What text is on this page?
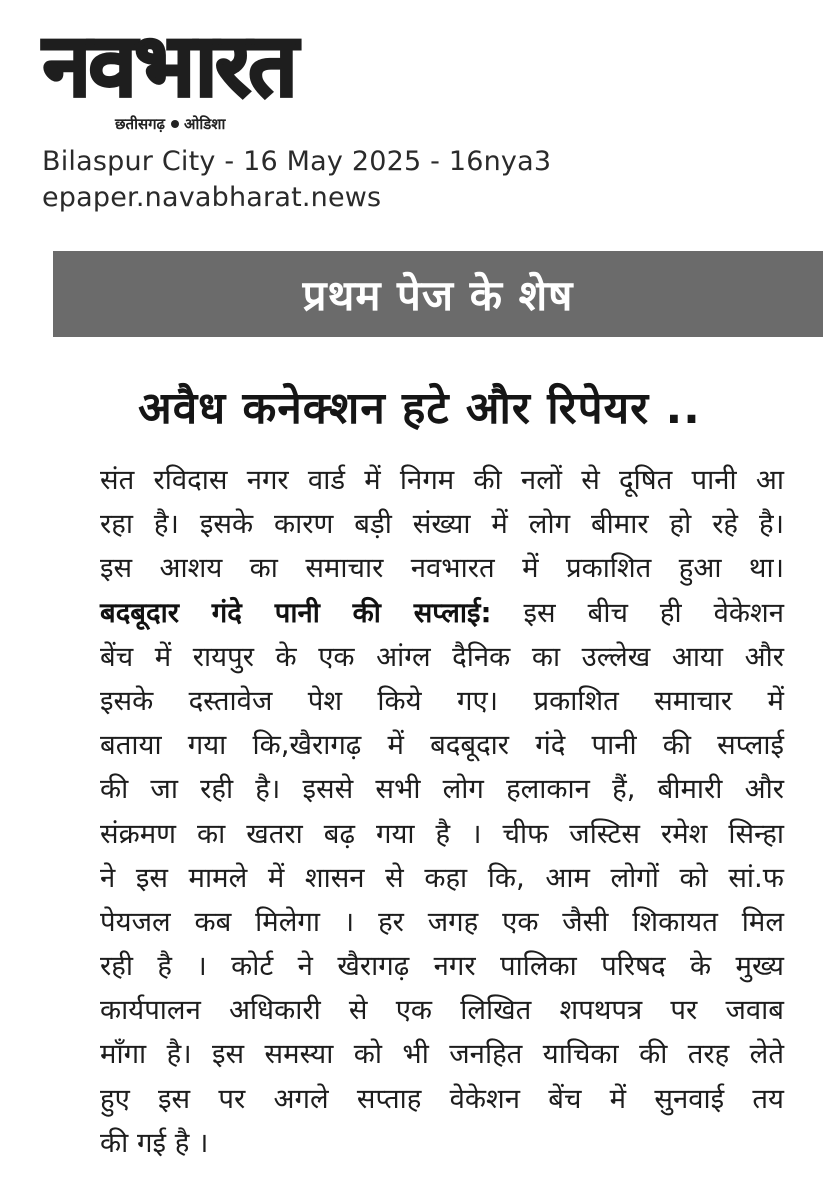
नवभारत
छतीसगढ़ ओडिशा
Bilaspur City - 16 May 2025 - 16nya3
epaper.navabharat.news
प्रथम पेज के शेष
अवैध कनेक्शन हटे और रिपेयर ..
संत रविदास नगर वार्ड में निगम की नलों से दूषित पानी आ
रहा है। इसके कारण बड़ी संख्या में लोग बीमार हो रहे है।
इस आशय का समाचार नवभारत में प्रकाशित हुआ था।
बदबूदार गंदे पानी की सप्लाई: इस बीच ही वेकेशन
बेंच में रायपुर के एक आंग्ल दैनिक का उल्लेख आया और
इसके दस्तावेज पेश किये गए। प्रकाशित समाचार में
बताया गया कि,खैरागढ़ में बदबूदार गंदे पानी की सप्लाई
की जा रही है। इससे सभी लोग हलाकान हैं, बीमारी और
संक्रमण का खतरा बढ़ गया है । चीफ जस्टिस रमेश सिन्हा
ने इस मामले में शासन से कहा कि, आम लोगों को सां.फ
पेयजल कब मिलेगा । हर जगह एक जैसी शिकायत मिल
रही है । कोर्ट ने खैरागढ़ नगर पालिका परिषद के मुख्य
कार्यपालन अधिकारी से एक लिखित शपथपत्र पर जवाब
माँगा है। इस समस्या को भी जनहित याचिका की तरह लेते
हुए इस पर अगले सप्ताह वेकेशन बेंच में सुनवाई तय
की गई है ।
